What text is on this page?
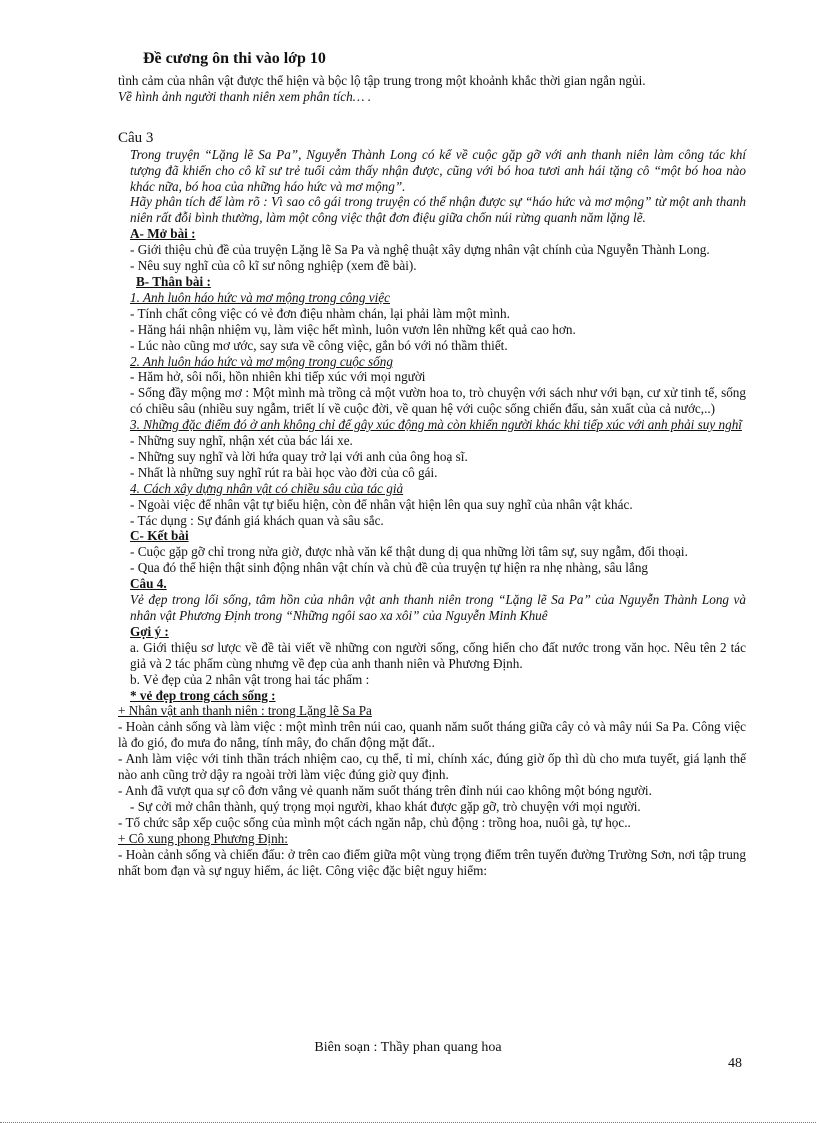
Đề cương ôn thi vào lớp 10

tình cảm của nhân vật được thể hiện và bộc lộ tập trung trong một khoảnh khắc thời gian ngắn ngủi.

Về hình ảnh người thanh niên xem phân tích… .

Câu 3

Trong truyện “Lặng lẽ Sa Pa”, Nguyễn Thành Long có kể về cuộc gặp gỡ với anh thanh niên làm công tác khí tượng đã khiến cho cô kĩ sư trẻ tuổi cảm thấy nhận được, cũng với bó hoa tươi anh hái tặng cô “một bó hoa nào khác nữa, bó hoa của những háo hức và mơ mộng”.

Hãy phân tích để làm rõ : Vì sao cô gái trong truyện có thể nhận được sự “háo hức và mơ mộng” từ một anh thanh niên rất đỗi bình thường, làm một công việc thật đơn điệu giữa chốn núi rừng quanh năm lặng lẽ.

A- Mở bài :

- Giới thiệu chủ đề của truyện Lặng lẽ Sa Pa và nghệ thuật xây dựng nhân vật chính của Nguyễn Thành Long.

- Nêu suy nghĩ của cô kĩ sư nông nghiệp (xem đề bài).

B- Thân bài :

1. Anh luôn háo hức và mơ mộng trong công việc

- Tính chất công việc có vẻ đơn điệu nhàm chán, lại phải làm một mình.

- Hăng hái nhận nhiệm vụ, làm việc hết mình, luôn vươn lên những kết quả cao hơn.

- Lúc nào cũng mơ ước, say sưa về công việc, gắn bó với nó thầm thiết.

2. Anh luôn háo hức và mơ mộng trong cuộc sống

- Hăm hở, sôi nổi, hồn nhiên khi tiếp xúc với mọi người

- Sống đầy mộng mơ : Một mình mà trồng cả một vườn hoa to, trò chuyện với sách như với bạn, cư xử tinh tế, sống có chiều sâu (nhiều suy ngẫm, triết lí về cuộc đời, về quan hệ với cuộc sống chiến đấu, sản xuất của cả nước,..)

3. Những đặc điểm đó ở anh không chỉ để gây xúc động mà còn khiến người khác khi tiếp xúc với anh phải suy nghĩ

- Những suy nghĩ, nhận xét của bác lái xe.

- Những suy nghĩ và lời hứa quay trở lại với anh của ông hoạ sĩ.

- Nhất là những suy nghĩ rút ra bài học vào đời của cô gái.

4. Cách xây dựng nhân vật có chiều sâu của tác giả

- Ngoài việc để nhân vật tự biểu hiện, còn để nhân vật hiện lên qua suy nghĩ của nhân vật khác.

- Tác dụng : Sự đánh giá khách quan và sâu sắc.

C- Kết bài

- Cuộc gặp gỡ chỉ trong nửa giờ, được nhà văn kể thật dung dị qua những lời tâm sự, suy ngẫm, đối thoại.

- Qua đó thể hiện thật sinh động nhân vật chín và chủ đề của truyện tự hiện ra nhẹ nhàng, sâu lắng

Câu 4.

Vẻ đẹp trong lối sống, tâm hồn của nhân vật anh thanh niên trong “Lặng lẽ Sa Pa” của Nguyễn Thành Long và nhân vật Phương Định trong “Những ngôi sao xa xôi” của Nguyễn Minh Khuê

Gợi ý :

a. Giới thiệu sơ lược về đề tài viết về những con người sống, cống hiến cho đất nước trong văn học. Nêu tên 2 tác giả và 2 tác phẩm cùng nhưng về đẹp của anh thanh niên và Phương Định.

b. Vẻ đẹp của 2 nhân vật trong hai tác phẩm :

* vẻ đẹp trong cách sống :

+ Nhân vật anh thanh niên : trong Lặng lẽ Sa Pa

- Hoàn cảnh sống và làm việc : một mình trên núi cao, quanh năm suốt tháng giữa cây cỏ và mây núi Sa Pa. Công việc là đo gió, đo mưa đo nắng, tính mây, đo chấn động mặt đất..

- Anh làm việc với tinh thần trách nhiệm cao, cụ thể, tỉ mỉ, chính xác, đúng giờ ốp thì dù cho mưa tuyết, giá lạnh thế nào anh cũng trở dậy ra ngoài trời làm việc đúng giờ quy định.

- Anh đã vượt qua sự cô đơn vắng vẻ quanh năm suốt tháng trên đỉnh núi cao không một bóng người.

- Sự cởi mở chân thành, quý trọng mọi người, khao khát được gặp gỡ, trò chuyện với mọi người.

- Tổ chức sắp xếp cuộc sống của mình một cách ngăn nắp, chủ động : trồng hoa, nuôi gà, tự học..

+ Cô xung phong Phương Định:

- Hoàn cảnh sống và chiến đấu: ở trên cao điểm giữa một vùng trọng điểm trên tuyến đường Trường Sơn, nơi tập trung nhất bom đạn và sự nguy hiểm, ác liệt. Công việc đặc biệt nguy hiểm:

Biên soạn : Thầy phan quang hoa
48
